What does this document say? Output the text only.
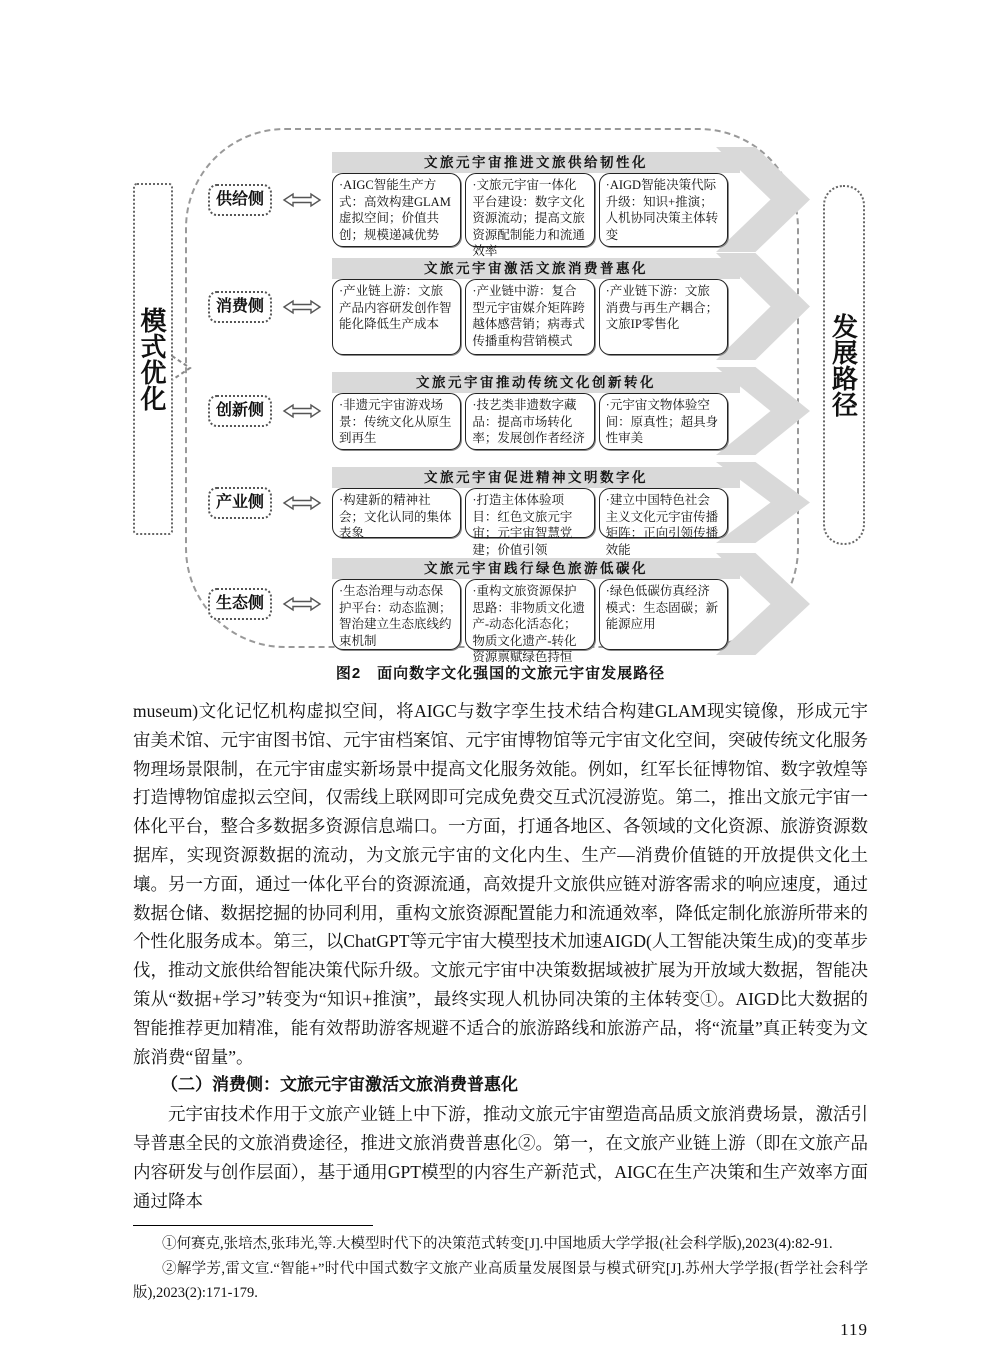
模式优化	发展路径
供给侧
文旅元宇宙推进文旅供给韧性化
·AIGC智能生产方式：高效构建GLAM虚拟空间；价值共创；规模递减优势
·文旅元宇宙一体化平台建设：数字文化资源流动；提高文旅资源配制能力和流通效率
·AIGD智能决策代际升级：知识+推演；人机协同决策主体转变
消费侧
文旅元宇宙激活文旅消费普惠化
·产业链上游：文旅产品内容研发创作智能化降低生产成本
·产业链中游：复合型元宇宙媒介矩阵跨越体感营销；病毒式传播重构营销模式
·产业链下游：文旅消费与再生产耦合；文旅IP零售化
创新侧
文旅元宇宙推动传统文化创新转化
·非遗元宇宙游戏场景：传统文化从原生到再生
·技艺类非遗数字藏品：提高市场转化率；发展创作者经济
·元宇宙文物体验空间：原真性；超具身性审美
产业侧
文旅元宇宙促进精神文明数字化
·构建新的精神社会；文化认同的集体表象
·打造主体体验项目：红色文旅元宇宙；元宇宙智慧党建；价值引领
·建立中国特色社会主义文化元宇宙传播矩阵：正向引领传播效能
生态侧
文旅元宇宙践行绿色旅游低碳化
·生态治理与动态保护平台：动态监测；智治建立生态底线约束机制
·重构文旅资源保护思路：非物质文化遗产-动态化活态化；物质文化遗产-转化资源禀赋绿色持恒
·绿色低碳仿真经济模式：生态固碳；新能源应用
图2　面向数字文化强国的文旅元宇宙发展路径

museum)文化记忆机构虚拟空间，将AIGC与数字孪生技术结合构建GLAM现实镜像，形成元宇宙美术馆、元宇宙图书馆、元宇宙档案馆、元宇宙博物馆等元宇宙文化空间，突破传统文化服务物理场景限制，在元宇宙虚实新场景中提高文化服务效能。例如，红军长征博物馆、数字敦煌等打造博物馆虚拟云空间，仅需线上联网即可完成免费交互式沉浸游览。第二，推出文旅元宇宙一体化平台，整合多数据多资源信息端口。一方面，打通各地区、各领域的文化资源、旅游资源数据库，实现资源数据的流动，为文旅元宇宙的文化内生、生产—消费价值链的开放提供文化土壤。另一方面，通过一体化平台的资源流通，高效提升文旅供应链对游客需求的响应速度，通过数据仓储、数据挖掘的协同利用，重构文旅资源配置能力和流通效率，降低定制化旅游所带来的个性化服务成本。第三，以ChatGPT等元宇宙大模型技术加速AIGD(人工智能决策生成)的变革步伐，推动文旅供给智能决策代际升级。文旅元宇宙中决策数据域被扩展为开放域大数据，智能决策从“数据+学习”转变为“知识+推演”，最终实现人机协同决策的主体转变①。AIGD比大数据的智能推荐更加精准，能有效帮助游客规避不适合的旅游路线和旅游产品，将“流量”真正转变为文旅消费“留量”。

（二）消费侧：文旅元宇宙激活文旅消费普惠化

元宇宙技术作用于文旅产业链上中下游，推动文旅元宇宙塑造高品质文旅消费场景，激活引导普惠全民的文旅消费途径，推进文旅消费普惠化②。第一，在文旅产业链上游（即在文旅产品内容研发与创作层面），基于通用GPT模型的内容生产新范式，AIGC在生产决策和生产效率方面通过降本

①何赛克,张培杰,张玮光,等.大模型时代下的决策范式转变[J].中国地质大学学报(社会科学版),2023(4):82-91.

②解学芳,雷文宣.“智能+”时代中国式数字文旅产业高质量发展图景与模式研究[J].苏州大学学报(哲学社会科学版),2023(2):171-179.

119
